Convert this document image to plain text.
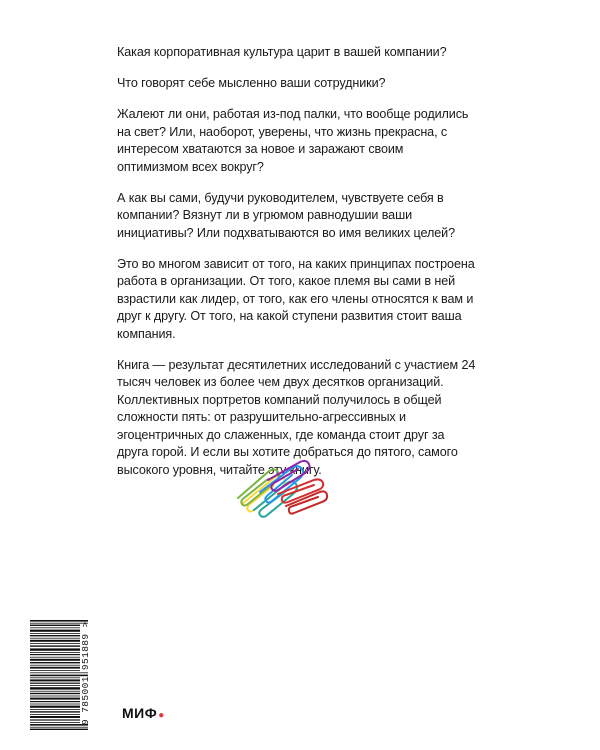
Какая корпоративная культура царит в вашей компании?

Что говорят себе мысленно ваши сотрудники?

Жалеют ли они, работая из-под палки, что вообще родились на свет? Или, наоборот, уверены, что жизнь прекрасна, с интересом хватаются за новое и заражают своим оптимизмом всех вокруг?

А как вы сами, будучи руководителем, чувствуете себя в компании? Вязнут ли в угрюмом равнодушии ваши инициативы? Или подхватываются во имя великих целей?

Это во многом зависит от того, на каких принципах построена работа в организации. От того, какое племя вы сами в ней взрастили как лидер, от того, как его члены относятся к вам и друг к другу. От того, на какой ступени развития стоит ваша компания.

Книга — результат десятилетних исследований с участием 24 тысяч человек из более чем двух десятков организаций. Коллективных портретов компаний получилось в общей сложности пять: от разрушительно-агрессивных и эгоцентричных до слаженных, где команда стоит друг за друга горой. И если вы хотите добраться до пятого, самого высокого уровня, читайте эту книгу.

9 785001 951889 > МИФ●
